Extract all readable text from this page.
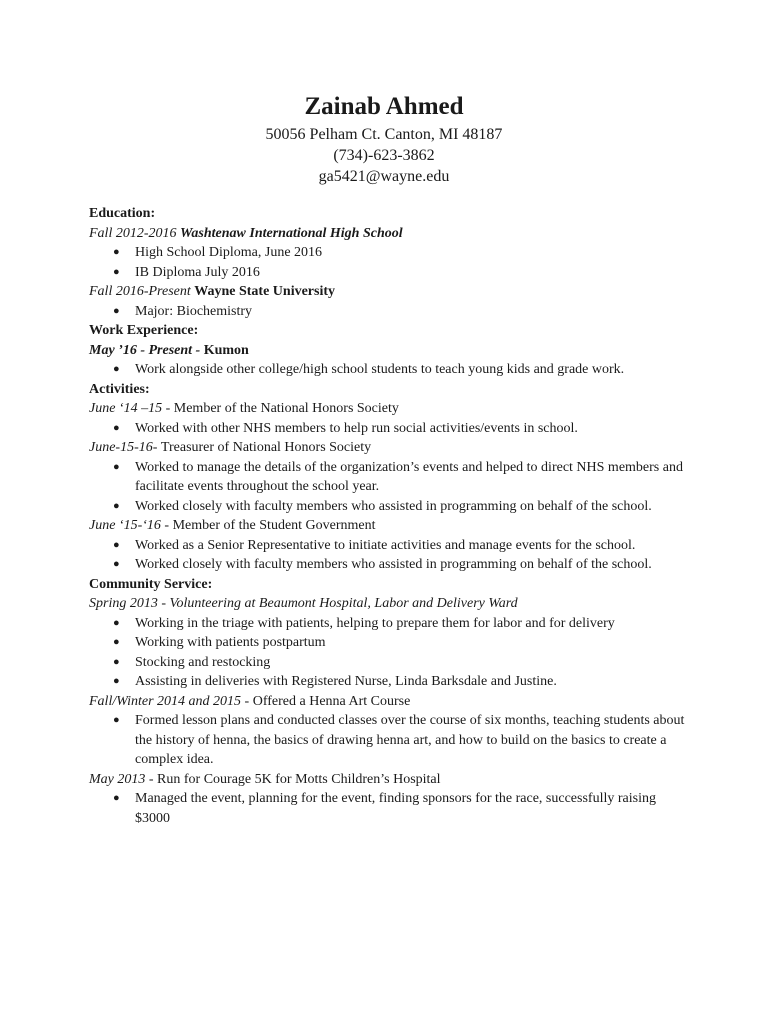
Zainab Ahmed
50056 Pelham Ct. Canton, MI 48187
(734)-623-3862
ga5421@wayne.edu
Education:
Fall 2012-2016 Washtenaw International High School
● High School Diploma, June 2016
● IB Diploma July 2016
Fall 2016-Present Wayne State University
● Major: Biochemistry
Work Experience:
May ’16 - Present - Kumon
● Work alongside other college/high school students to teach young kids and grade work.
Activities:
June ‘14 –15 - Member of the National Honors Society
● Worked with other NHS members to help run social activities/events in school.
June-15-16- Treasurer of National Honors Society
● Worked to manage the details of the organization’s events and helped to direct NHS members and facilitate events throughout the school year.
● Worked closely with faculty members who assisted in programming on behalf of the school.
June ‘15-‘16 - Member of the Student Government
● Worked as a Senior Representative to initiate activities and manage events for the school.
● Worked closely with faculty members who assisted in programming on behalf of the school.
Community Service:
Spring 2013 - Volunteering at Beaumont Hospital, Labor and Delivery Ward
● Working in the triage with patients, helping to prepare them for labor and for delivery
● Working with patients postpartum
● Stocking and restocking
● Assisting in deliveries with Registered Nurse, Linda Barksdale and Justine.
Fall/Winter 2014 and 2015 - Offered a Henna Art Course
● Formed lesson plans and conducted classes over the course of six months, teaching students about the history of henna, the basics of drawing henna art, and how to build on the basics to create a complex idea.
May 2013 - Run for Courage 5K for Motts Children’s Hospital
● Managed the event, planning for the event, finding sponsors for the race, successfully raising $3000
